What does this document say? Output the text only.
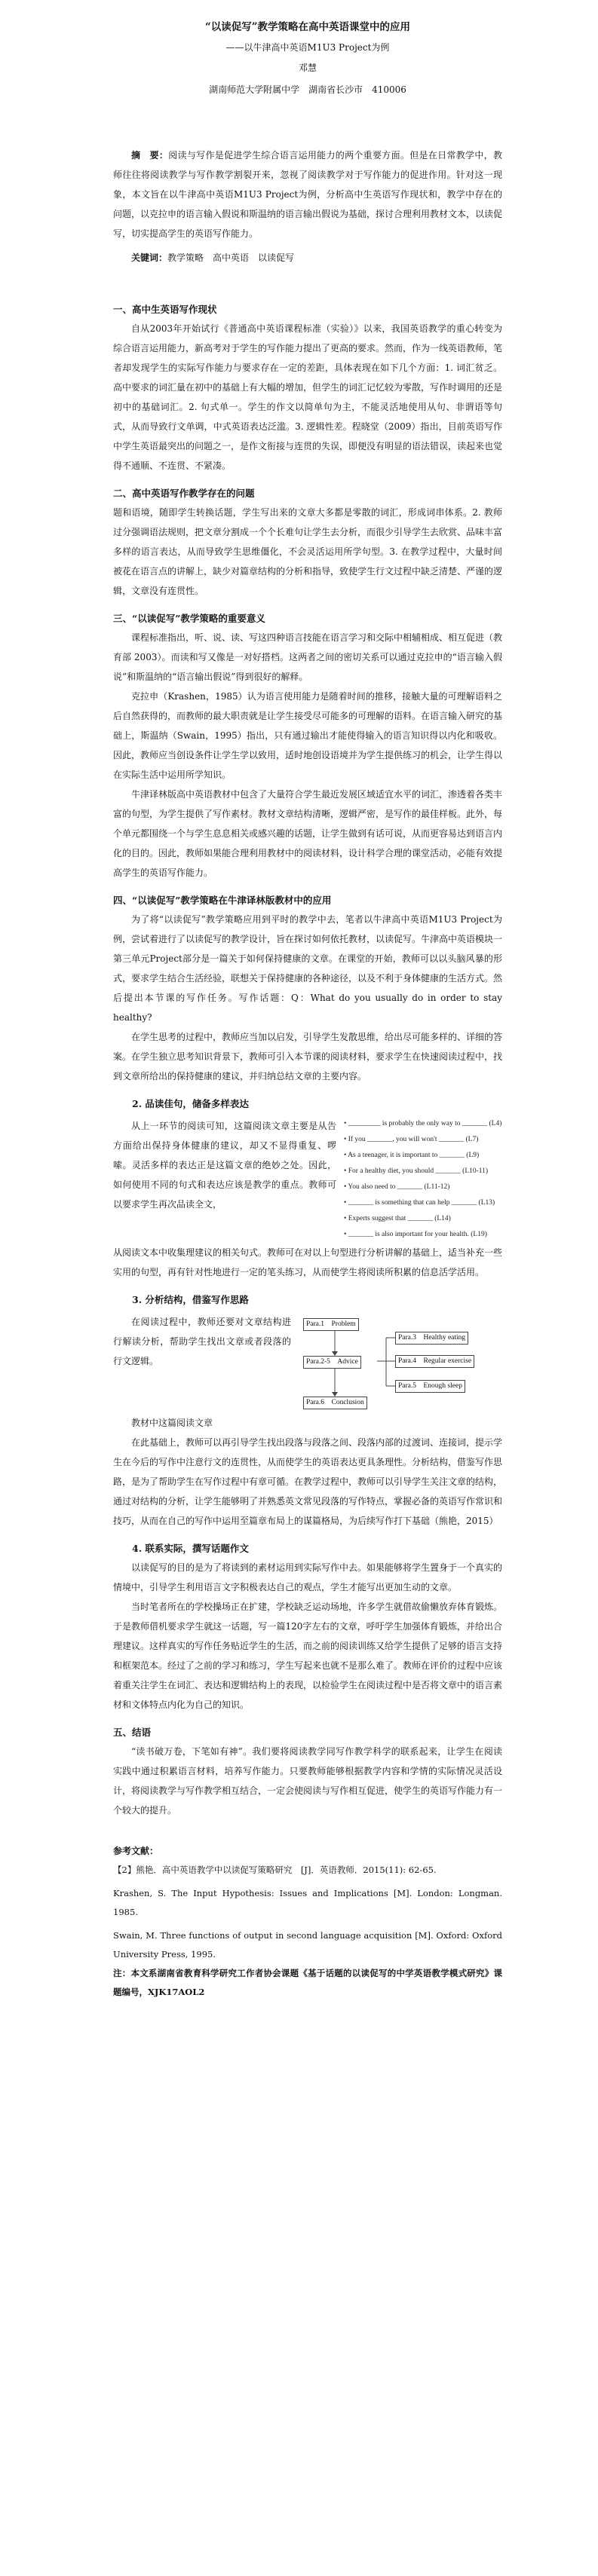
“以读促写”教学策略在高中英语课堂中的应用
——以牛津高中英语M1U3 Project为例
邓慧
湖南师范大学附属中学　湖南省长沙市　410006

摘　要：阅读与写作是促进学生综合语言运用能力的两个重要方面。但是在日常教学中，教师往往将阅读教学与写作教学割裂开来，忽视了阅读教学对于写作能力的促进作用。针对这一现象，本文旨在以牛津高中英语M1U3 Project为例，分析高中生英语写作现状和，教学中存在的问题，以克拉申的语言输入假说和斯温纳的语言输出假说为基础，探讨合理利用教材文本，以读促写，切实提高学生的英语写作能力。

关键词：教学策略　高中英语　以读促写

一、高中生英语写作现状

自从2003年开始试行《普通高中英语课程标准（实验）》以来，我国英语教学的重心转变为综合语言运用能力，新高考对于学生的写作能力提出了更高的要求。然而，作为一线英语教师，笔者却发现学生的实际写作能力与要求存在一定的差距，具体表现在如下几个方面：1. 词汇贫乏。高中要求的词汇量在初中的基础上有大幅的增加，但学生的词汇记忆较为零散，写作时调用的还是初中的基础词汇。2. 句式单一。学生的作文以简单句为主，不能灵活地使用从句、非谓语等句式，从而导致行文单调，中式英语表达泛滥。3. 逻辑性差。程晓堂（2009）指出，目前英语写作中学生英语最突出的问题之一，是作文衔接与连贯的失误，即便没有明显的语法错误，读起来也觉得不通顺、不连贯、不紧凑。

二、高中英语写作教学存在的问题

题和语境，随即学生转换话题，学生写出来的文章大多都是零散的词汇，形成词串体系。2. 教师过分强调语法规则，把文章分割成一个个长难句让学生去分析，而很少引导学生去欣赏、品味丰富多样的语言表达，从而导致学生思维僵化，不会灵活运用所学句型。3. 在教学过程中，大量时间被花在语言点的讲解上，缺少对篇章结构的分析和指导，致使学生行文过程中缺乏清楚、严谨的逻辑，文章没有连贯性。

三、“以读促写”教学策略的重要意义

课程标准指出，听、说、读、写这四种语言技能在语言学习和交际中相辅相成、相互促进（教育部 2003）。而读和写又像是一对好搭档。这两者之间的密切关系可以通过克拉申的“语言输入假说”和斯温纳的“语言输出假说”得到很好的解释。

克拉申（Krashen，1985）认为语言使用能力是随着时间的推移，接触大量的可理解语料之后自然获得的，而教师的最大职责就是让学生接受尽可能多的可理解的语料。在语言输入研究的基础上，斯温纳（Swain，1995）指出，只有通过输出才能使得输入的语言知识得以内化和吸收。因此，教师应当创设条件让学生学以致用，适时地创设语境并为学生提供练习的机会，让学生得以在实际生活中运用所学知识。

牛津译林版高中英语教材中包含了大量符合学生最近发展区域适宜水平的词汇，渗透着各类丰富的句型，为学生提供了写作素材。教材文章结构清晰，逻辑严密，是写作的最佳样板。此外，每个单元都围绕一个与学生息息相关或感兴趣的话题，让学生做到有话可说，从而更容易达到语言内化的目的。因此，教师如果能合理利用教材中的阅读材料，设计科学合理的课堂活动，必能有效提高学生的英语写作能力。

四、“以读促写”教学策略在牛津译林版教材中的应用

为了将“以读促写”教学策略应用到平时的教学中去，笔者以牛津高中英语M1U3 Project为例，尝试着进行了以读促写的教学设计，旨在探讨如何依托教材，以读促写。牛津高中英语模块一第三单元Project部分是一篇关于如何保持健康的文章。在课堂的开始，教师可以以头脑风暴的形式，要求学生结合生活经验，联想关于保持健康的各种途径，以及不利于身体健康的生活方式。然后提出本节课的写作任务。写作话题：Q：What do you usually do in order to stay healthy?

在学生思考的过程中，教师应当加以启发，引导学生发散思维，给出尽可能多样的、详细的答案。在学生独立思考知识背景下，教师可引入本节课的阅读材料，要求学生在快速阅读过程中，找到文章所给出的保持健康的建议，并归纳总结文章的主要内容。

2. 品读佳句，储备多样表达

从上一环节的阅读可知，这篇阅读文章主要是从告方面给出保持身体健康的建议，却又不显得重复、啰嗦。灵活多样的表达正是这篇文章的绝妙之处。因此，如何使用不同的句式和表达应该是教学的重点。教师可以要求学生再次品读全文，

• _________ is probably the only way to _______ (L4)
• If you _______, you will won't _______ (L7)
• As a teenager, it is important to _______ (L9)
• For a healthy diet, you should _______ (L10-11)
• You also need to _______ (L11-12)
• _______ is something that can help _______ (L13)
• Experts suggest that _______ (L14)
• _______ is also important for your health. (L19)

从阅读文本中收集理建议的相关句式。教师可在对以上句型进行分析讲解的基础上，适当补充一些实用的句型，再有针对性地进行一定的笔头练习，从而使学生将阅读所积累的信息活学活用。

3. 分析结构，借鉴写作思路

在阅读过程中，教师还要对文章结构进行解读分析，帮助学生找出文章或者段落的行文逻辑。

Para.1　Problem
Para.2-5　Advice
Para.6　Conclusion
Para.3　Healthy eating
Para.4　Regular exercise
Para.5　Enough sleep

教材中这篇阅读文章

在此基础上，教师可以再引导学生找出段落与段落之间、段落内部的过渡词、连接词，提示学生在今后的写作中注意行文的连贯性，从而使学生的英语表达更具条理性。分析结构，借鉴写作思路，是为了帮助学生在写作过程中有章可循。在教学过程中，教师可以引导学生关注文章的结构，通过对结构的分析，让学生能够明了并熟悉英文常见段落的写作特点，掌握必备的英语写作常识和技巧，从而在自己的写作中运用至篇章布局上的谋篇格局，为后续写作打下基础（熊艳，2015）

4. 联系实际，撰写话题作文

以读促写的目的是为了将读到的素材运用到实际写作中去。如果能够将学生置身于一个真实的情境中，引导学生利用语言文字积极表达自己的观点，学生才能写出更加生动的文章。

当时笔者所在的学校操场正在扩建，学校缺乏运动场地，许多学生就借故偷懒放弃体育锻炼。于是教师借机要求学生就这一话题，写一篇120字左右的文章，呼吁学生加强体育锻炼，并给出合理建议。这样真实的写作任务贴近学生的生活，而之前的阅读训练又给学生提供了足够的语言支持和框架范本。经过了之前的学习和练习，学生写起来也就不是那么难了。教师在评价的过程中应该着重关注学生在词汇、表达和逻辑结构上的表现，以检验学生在阅读过程中是否将文章中的语言素材和文体特点内化为自己的知识。

五、结语

“读书破万卷，下笔如有神”。我们要将阅读教学同写作教学科学的联系起来，让学生在阅读实践中通过积累语言材料，培养写作能力。只要教师能够根据教学内容和学情的实际情况灵活设计，将阅读教学与写作教学相互结合，一定会使阅读与写作相互促进，使学生的英语写作能力有一个较大的提升。

参考文献：

【2】熊艳．高中英语教学中以读促写策略研究　[J]．英语教师．2015(11): 62-65.

Krashen, S. The Input Hypothesis: Issues and Implications [M]. London: Longman. 1985.

Swain, M. Three functions of output in second language acquisition [M]. Oxford: Oxford University Press, 1995.

注：本文系湖南省教育科学研究工作者协会课题《基于话题的以读促写的中学英语教学模式研究》课题编号，XJK17AOL2
